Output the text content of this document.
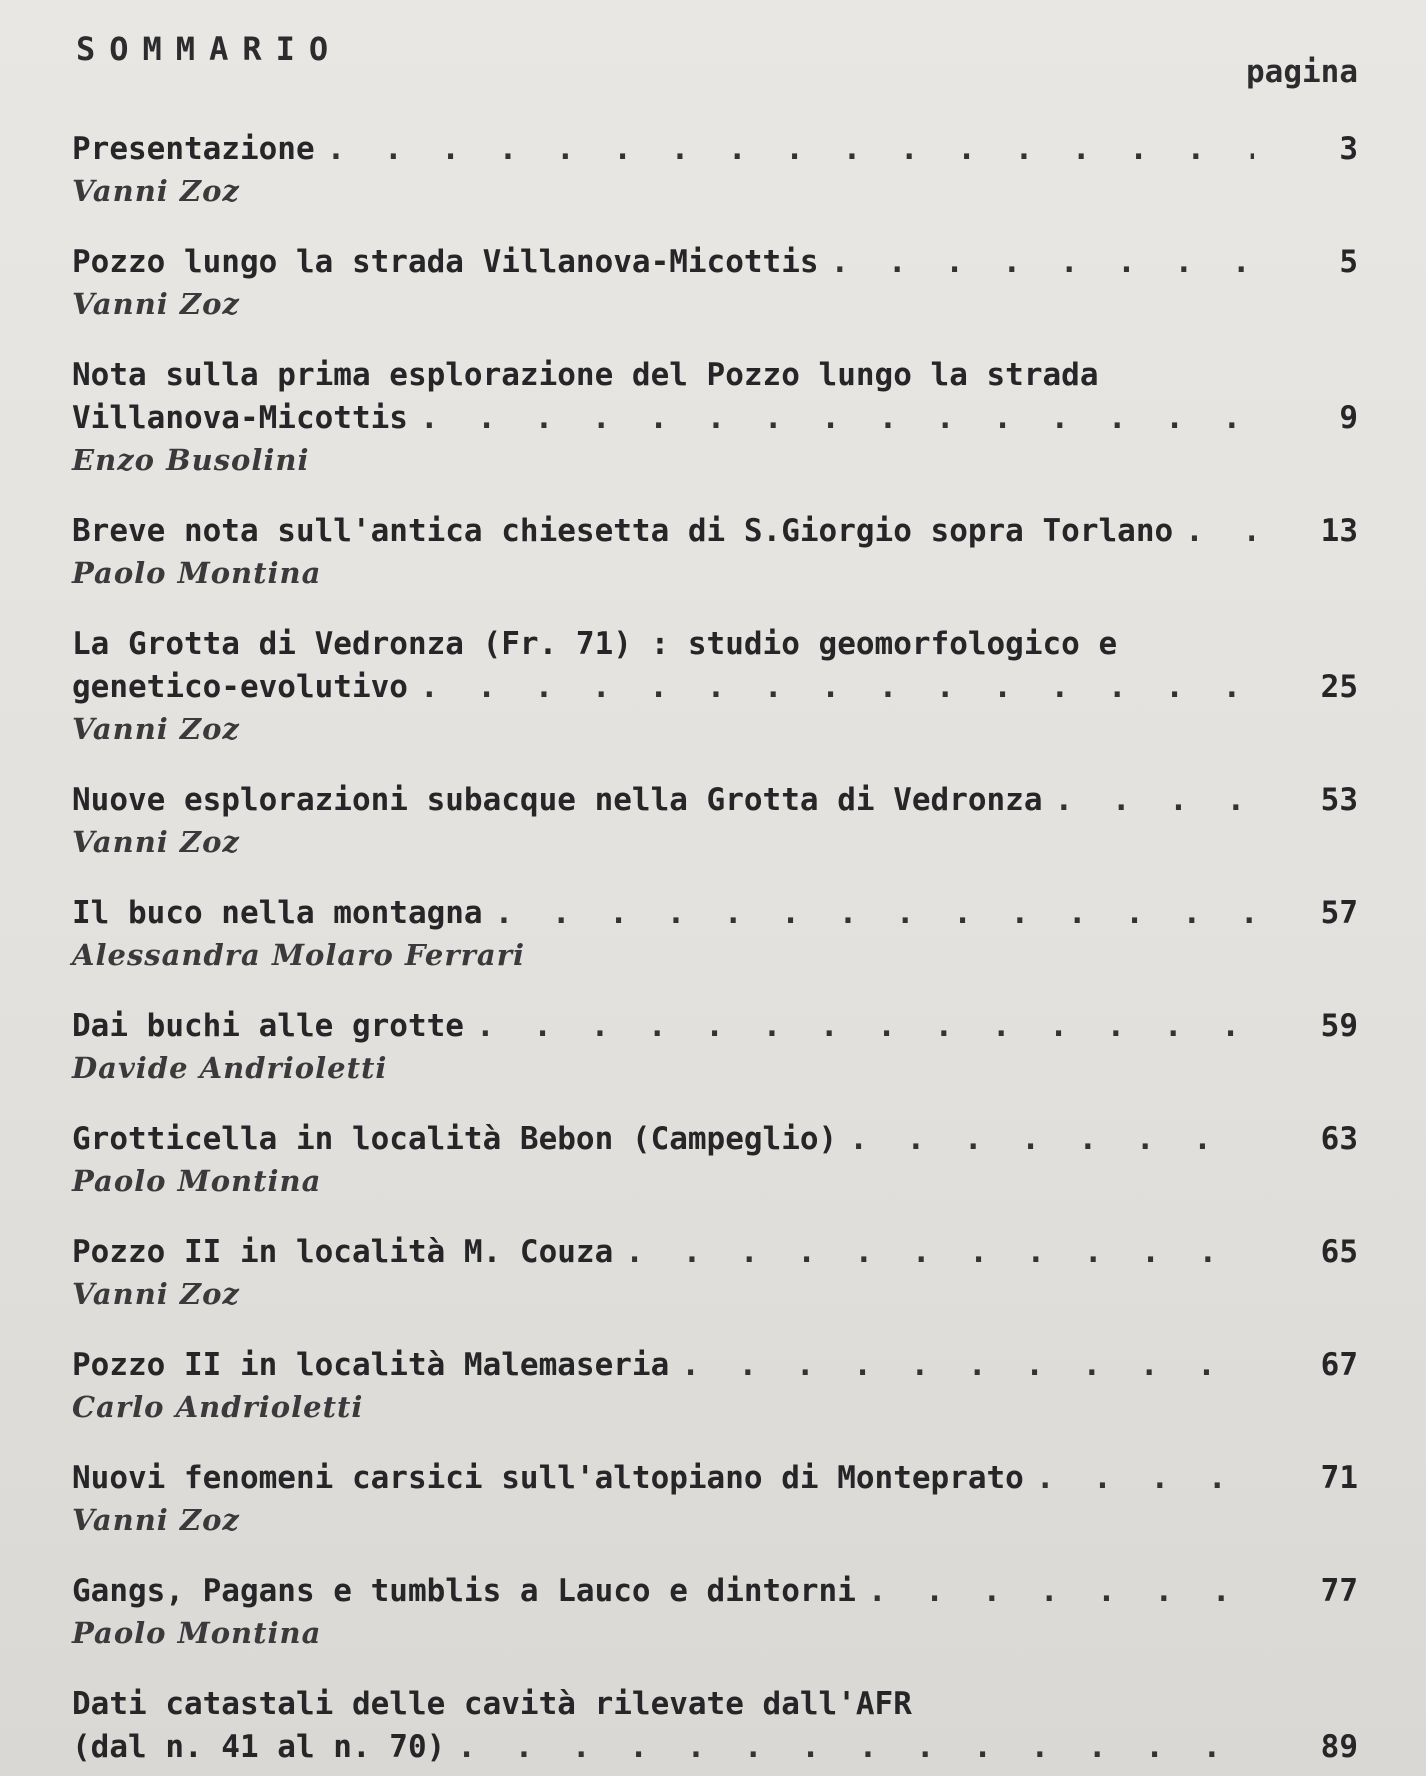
SOMMARIO
pagina
Presentazione . . .	3
Vanni Zoz
Pozzo lungo la strada Villanova-Micottis . . .	5
Vanni Zoz
Nota sulla prima esplorazione del Pozzo lungo la strada
Villanova-Micottis . . .	9
Enzo Busolini
Breve nota sull'antica chiesetta di S.Giorgio sopra Torlano . . .	13
Paolo Montina
La Grotta di Vedronza (Fr. 71) : studio geomorfologico e
genetico-evolutivo . . .	25
Vanni Zoz
Nuove esplorazioni subacque nella Grotta di Vedronza . . .	53
Vanni Zoz
Il buco nella montagna . . .	57
Alessandra Molaro Ferrari
Dai buchi alle grotte . . .	59
Davide Andrioletti
Grotticella in località Bebon (Campeglio) . . .	63
Paolo Montina
Pozzo II in località M. Couza . . .	65
Vanni Zoz
Pozzo II in località Malemaseria . . .	67
Carlo Andrioletti
Nuovi fenomeni carsici sull'altopiano di Monteprato . . .	71
Vanni Zoz
Gangs, Pagans e tumblis a Lauco e dintorni . . .	77
Paolo Montina
Dati catastali delle cavità rilevate dall'AFR
(dal n. 41 al n. 70) . . .	89
